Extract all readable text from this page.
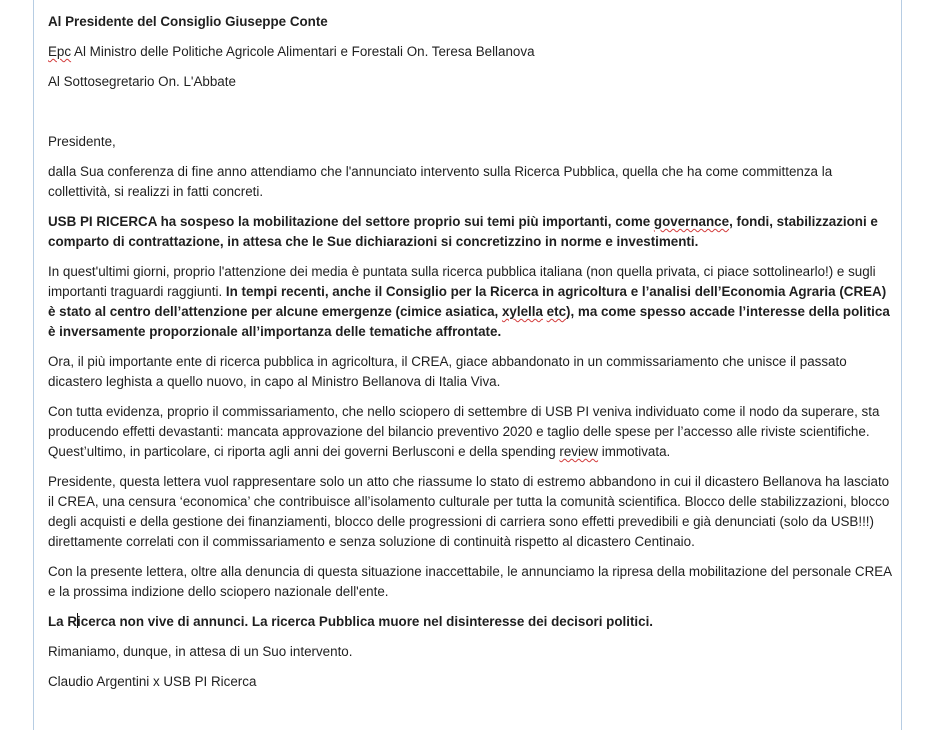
Al Presidente del Consiglio Giuseppe Conte

Epc Al Ministro delle Politiche Agricole Alimentari e Forestali On. Teresa Bellanova

Al Sottosegretario On. L'Abbate

Presidente,

dalla Sua conferenza di fine anno attendiamo che l'annunciato intervento sulla Ricerca Pubblica, quella che ha come committenza la collettività, si realizzi in fatti concreti.

USB PI RICERCA ha sospeso la mobilitazione del settore proprio sui temi più importanti, come governance, fondi, stabilizzazioni e comparto di contrattazione, in attesa che le Sue dichiarazioni si concretizzino in norme e investimenti.

In quest'ultimi giorni, proprio l'attenzione dei media è puntata sulla ricerca pubblica italiana (non quella privata, ci piace sottolinearlo!) e sugli importanti traguardi raggiunti. In tempi recenti, anche il Consiglio per la Ricerca in agricoltura e l’analisi dell’Economia Agraria (CREA) è stato al centro dell’attenzione per alcune emergenze (cimice asiatica, xylella etc), ma come spesso accade l’interesse della politica è inversamente proporzionale all’importanza delle tematiche affrontate.

Ora, il più importante ente di ricerca pubblica in agricoltura, il CREA, giace abbandonato in un commissariamento che unisce il passato dicastero leghista a quello nuovo, in capo al Ministro Bellanova di Italia Viva.

Con tutta evidenza, proprio il commissariamento, che nello sciopero di settembre di USB PI veniva individuato come il nodo da superare, sta producendo effetti devastanti: mancata approvazione del bilancio preventivo 2020 e taglio delle spese per l’accesso alle riviste scientifiche. Quest’ultimo, in particolare, ci riporta agli anni dei governi Berlusconi e della spending review immotivata.

Presidente, questa lettera vuol rappresentare solo un atto che riassume lo stato di estremo abbandono in cui il dicastero Bellanova ha lasciato il CREA, una censura ‘economica’ che contribuisce all’isolamento culturale per tutta la comunità scientifica. Blocco delle stabilizzazioni, blocco degli acquisti e della gestione dei finanziamenti, blocco delle progressioni di carriera sono effetti prevedibili e già denunciati (solo da USB!!!) direttamente correlati con il commissariamento e senza soluzione di continuità rispetto al dicastero Centinaio.

Con la presente lettera, oltre alla denuncia di questa situazione inaccettabile, le annunciamo la ripresa della mobilitazione del personale CREA e la prossima indizione dello sciopero nazionale dell'ente.

La Ricerca non vive di annunci. La ricerca Pubblica muore nel disinteresse dei decisori politici.

Rimaniamo, dunque, in attesa di un Suo intervento.

Claudio Argentini x USB PI Ricerca
